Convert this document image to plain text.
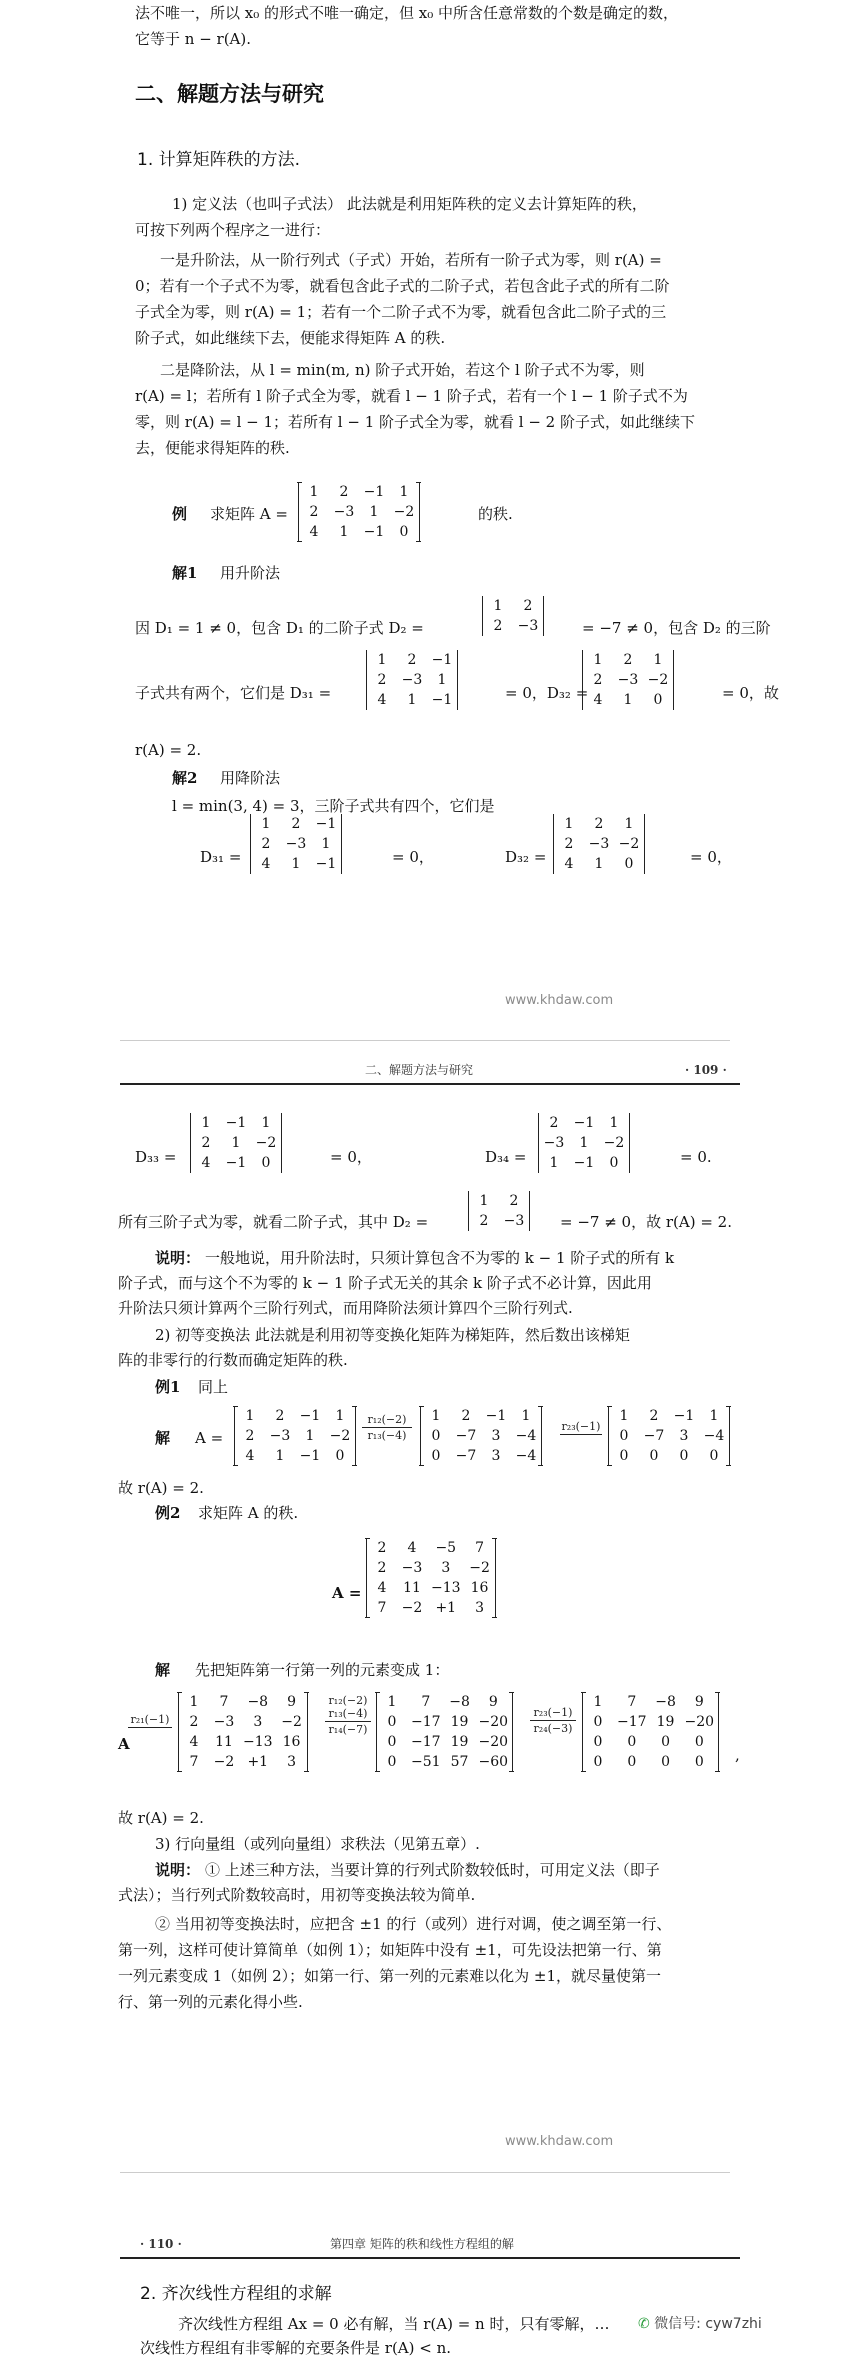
法不唯一，所以 x₀ 的形式不唯一确定，但 x₀ 中所含任意常数的个数是确定的数，
它等于 n − r(A).
二、解题方法与研究
1. 计算矩阵秩的方法.
1) 定义法（也叫子式法） 此法就是利用矩阵秩的定义去计算矩阵的秩，
可按下列两个程序之一进行：
一是升阶法，从一阶行列式（子式）开始，若所有一阶子式为零，则 r(A) =
0；若有一个子式不为零，就看包含此子式的二阶子式，若包含此子式的所有二阶
子式全为零，则 r(A) = 1；若有一个二阶子式不为零，就看包含此二阶子式的三
阶子式，如此继续下去，便能求得矩阵 A 的秩.
二是降阶法，从 l = min(m, n) 阶子式开始，若这个 l 阶子式不为零，则
r(A) = l；若所有 l 阶子式全为零，就看 l − 1 阶子式，若有一个 l − 1 阶子式不为
零，则 r(A) = l − 1；若所有 l − 1 阶子式全为零，就看 l − 2 阶子式，如此继续下
去，便能求得矩阵的秩.
例 求矩阵 A =
1	2	−1	1
2	−3	1	−2
4	1	−1	0

的秩.
解1 用升阶法
因 D₁ = 1 ≠ 0，包含 D₁ 的二阶子式 D₂ =
1	2
2	−3	= −7 ≠ 0，包含 D₂ 的三阶
子式共有两个，它们是 D₃₁ =
1	2	−1
2	−3	1
4	1	−1	= 0，D₃₂ =
1	2	1
2	−3	−2
4	1	0	= 0，故
r(A) = 2.
解2 用降阶法
l = min(3, 4) = 3，三阶子式共有四个，它们是
D₃₁ =
1	2	−1
2	−3	1
4	1	−1	= 0，	D₃₂ =
1	2	1
2	−3	−2
4	1	0	= 0，
www.khdaw.com
二、解题方法与研究	· 109 ·
D₃₃ =
1	−1	1
2	1	−2
4	−1	0	= 0，	D₃₄ =
2	−1	1
−3	1	−2
1	−1	0	= 0.
所有三阶子式为零，就看二阶子式，其中 D₂ =
1	2
2	−3 = −7 ≠ 0，故 r(A) = 2.
说明： 一般地说，用升阶法时，只须计算包含不为零的 k − 1 阶子式的所有 k
阶子式，而与这个不为零的 k − 1 阶子式无关的其余 k 阶子式不必计算，因此用
升阶法只须计算两个三阶行列式，而用降阶法须计算四个三阶行列式.
2) 初等变换法 此法就是利用初等变换化矩阵为梯矩阵，然后数出该梯矩
阵的非零行的行数而确定矩阵的秩.
例1 同上
解 A =
1	2	−1	1
2	−3	1	−2
4	1	−1	0

r₁₂(−2)
r₁₃(−4)
1	2	−1	1
0	−7	3	−4
0	−7	3	−4

r₂₃(−1)
1	2	−1	1
0	−7	3	−4
0	0	0	0

故 r(A) = 2.
例2 求矩阵 A 的秩.
A =
2	4	−5	7
2	−3	3	−2
4	11	−13	16
7	−2	+1	3

解 先把矩阵第一行第一列的元素变成 1：
A
r₂₁(−1)
1	7	−8	9
2	−3	3	−2
4	11	−13	16
7	−2	+1	3

r₁₂(−2) r₁₃(−4)
r₁₄(−7)
1	7	−8	9
0	−17	19	−20
0	−17	19	−20
0	−51	57	−60

r₂₃(−1)
r₂₄(−3)
1	7	−8	9
0	−17	19	−20
0	0	0	0
0	0	0	0 ,
故 r(A) = 2.
3) 行向量组（或列向量组）求秩法（见第五章）.
说明： ① 上述三种方法，当要计算的行列式阶数较低时，可用定义法（即子
式法）；当行列式阶数较高时，用初等变换法较为简单.
② 当用初等变换法时，应把含 ±1 的行（或列）进行对调，使之调至第一行、
第一列，这样可使计算简单（如例 1）；如矩阵中没有 ±1，可先设法把第一行、第
一列元素变成 1（如例 2）；如第一行、第一列的元素难以化为 ±1，就尽量使第一
行、第一列的元素化得小些.
www.khdaw.com
· 110 ·	第四章 矩阵的秩和线性方程组的解
2. 齐次线性方程组的求解
齐次线性方程组 Ax = 0 必有解，当 r(A) = n 时，只有零解，…
次线性方程组有非零解的充要条件是 r(A) < n.
✆ 微信号: cyw7zhi
